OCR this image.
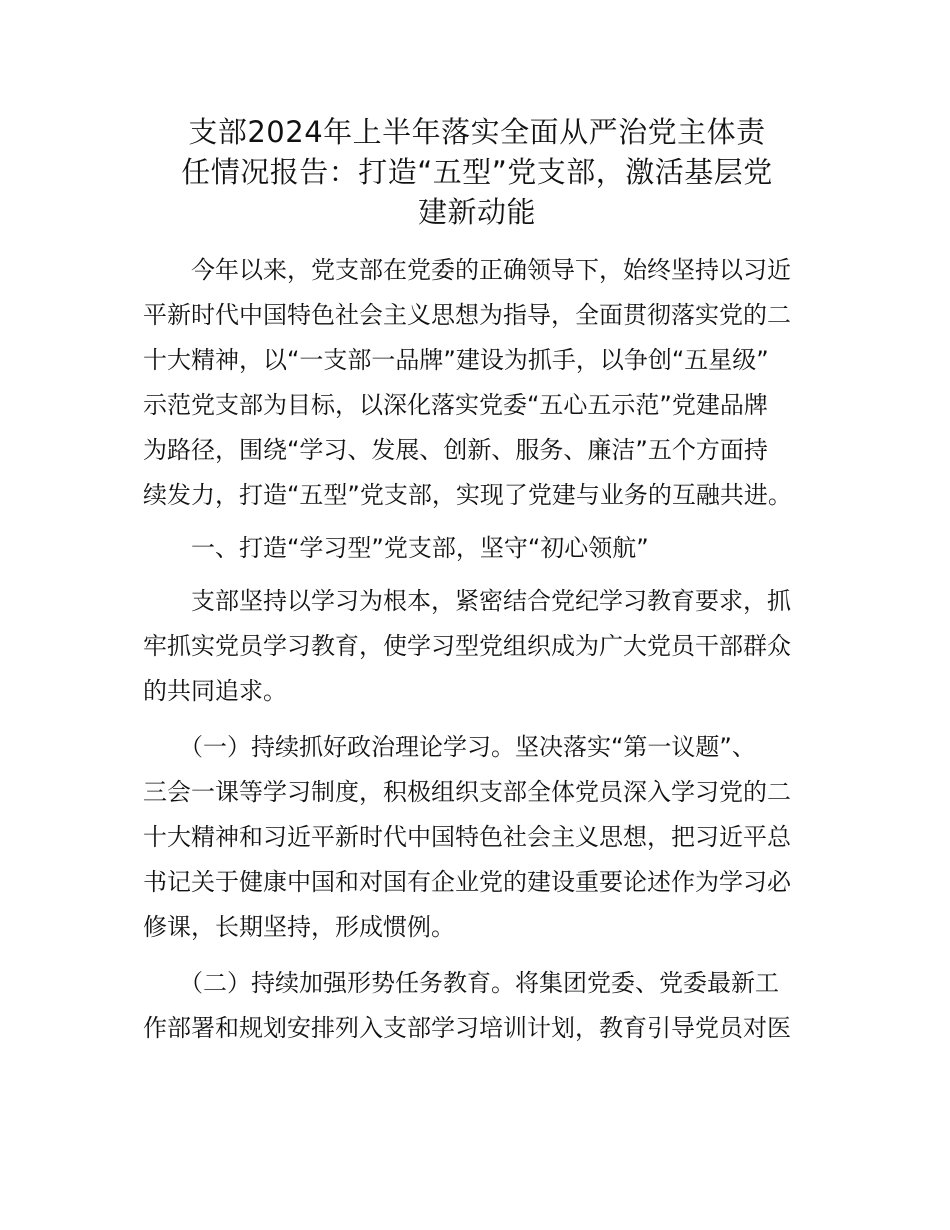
支部2024年上半年落实全面从严治党主体责
任情况报告：打造“五型”党支部，激活基层党
建新动能

　　今年以来，党支部在党委的正确领导下，始终坚持以习近
平新时代中国特色社会主义思想为指导，全面贯彻落实党的二
十大精神，以“一支部一品牌”建设为抓手，以争创“五星级”
示范党支部为目标，以深化落实党委“五心五示范”党建品牌
为路径，围绕“学习、发展、创新、服务、廉洁”五个方面持
续发力，打造“五型”党支部，实现了党建与业务的互融共进。

　　一、打造“学习型”党支部，坚守“初心领航”

　　支部坚持以学习为根本，紧密结合党纪学习教育要求，抓
牢抓实党员学习教育，使学习型党组织成为广大党员干部群众
的共同追求。

　　（一）持续抓好政治理论学习。坚决落实“第一议题”、
三会一课等学习制度，积极组织支部全体党员深入学习党的二
十大精神和习近平新时代中国特色社会主义思想，把习近平总
书记关于健康中国和对国有企业党的建设重要论述作为学习必
修课，长期坚持，形成惯例。

　　（二）持续加强形势任务教育。将集团党委、党委最新工
作部署和规划安排列入支部学习培训计划，教育引导党员对医
